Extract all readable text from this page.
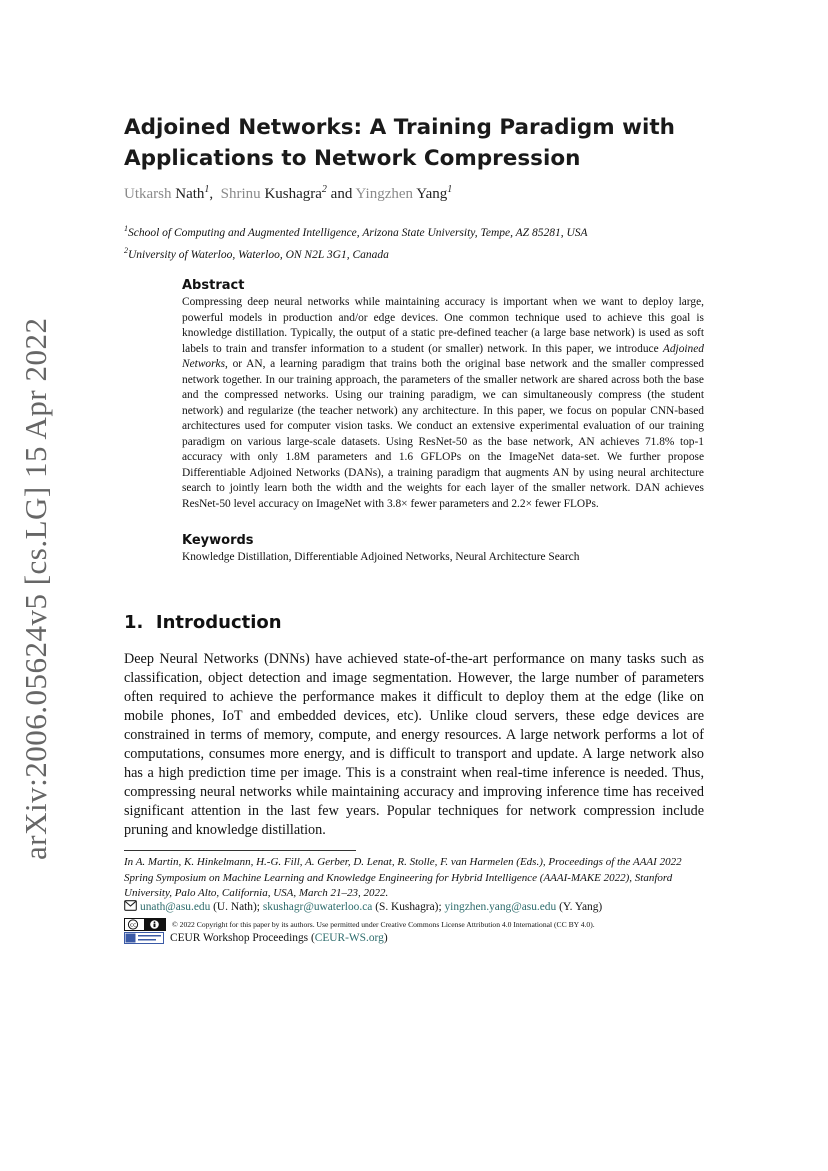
arXiv:2006.05624v5 [cs.LG] 15 Apr 2022
Adjoined Networks: A Training Paradigm with
Applications to Network Compression
Utkarsh Nath$^1$, Shrinu Kushagra$^2$ and Yingzhen Yang$^1$
$^1$School of Computing and Augmented Intelligence, Arizona State University, Tempe, AZ 85281, USA
$^2$University of Waterloo, Waterloo, ON N2L 3G1, Canada
Abstract

Compressing deep neural networks while maintaining accuracy is important when we want to deploy large, powerful models in production and/or edge devices. One common technique used to achieve this goal is knowledge distillation. Typically, the output of a static pre-defined teacher (a large base network) is used as soft labels to train and transfer information to a student (or smaller) network. In this paper, we introduce Adjoined Networks, or AN, a learning paradigm that trains both the original base network and the smaller compressed network together. In our training approach, the parameters of the smaller network are shared across both the base and the compressed networks. Using our training paradigm, we can simultaneously compress (the student network) and regularize (the teacher network) any architecture. In this paper, we focus on popular CNN-based architectures used for computer vision tasks. We conduct an extensive experimental evaluation of our training paradigm on various large-scale datasets. Using ResNet-50 as the base network, AN achieves 71.8% top-1 accuracy with only 1.8M parameters and 1.6 GFLOPs on the ImageNet data-set. We further propose Differentiable Adjoined Networks (DANs), a training paradigm that augments AN by using neural architecture search to jointly learn both the width and the weights for each layer of the smaller network. DAN achieves ResNet-50 level accuracy on ImageNet with 3.8× fewer parameters and 2.2× fewer FLOPs.

Keywords

Knowledge Distillation, Differentiable Adjoined Networks, Neural Architecture Search

1. Introduction

Deep Neural Networks (DNNs) have achieved state-of-the-art performance on many tasks such as classification, object detection and image segmentation. However, the large number of parameters often required to achieve the performance makes it difficult to deploy them at the edge (like on mobile phones, IoT and embedded devices, etc). Unlike cloud servers, these edge devices are constrained in terms of memory, compute, and energy resources. A large network performs a lot of computations, consumes more energy, and is difficult to transport and update. A large network also has a high prediction time per image. This is a constraint when real-time inference is needed. Thus, compressing neural networks while maintaining accuracy and improving inference time has received significant attention in the last few years. Popular techniques for network compression include pruning and knowledge distillation.

In A. Martin, K. Hinkelmann, H.-G. Fill, A. Gerber, D. Lenat, R. Stolle, F. van Harmelen (Eds.), Proceedings of the AAAI 2022 Spring Symposium on Machine Learning and Knowledge Engineering for Hybrid Intelligence (AAAI-MAKE 2022), Stanford University, Palo Alto, California, USA, March 21–23, 2022.

unath@asu.edu (U. Nath); skushagr@uwaterloo.ca (S. Kushagra); yingzhen.yang@asu.edu (Y. Yang)
cc	© 2022 Copyright for this paper by its authors. Use permitted under Creative Commons License Attribution 4.0 International (CC BY 4.0).
CEUR Workshop Proceedings (CEUR-WS.org)
